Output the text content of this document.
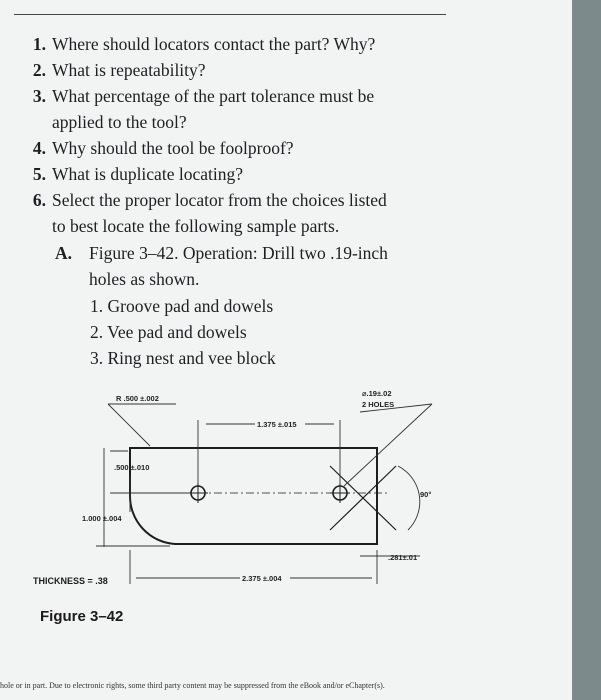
1. Where should locators contact the part? Why?
2. What is repeatability?
3. What percentage of the part tolerance must be
applied to the tool?
4. Why should the tool be foolproof?
5. What is duplicate locating?
6. Select the proper locator from the choices listed
to best locate the following sample parts.
A. Figure 3–42. Operation: Drill two .19-inch
holes as shown.
1. Groove pad and dowels
2. Vee pad and dowels
3. Ring nest and vee block
R .500 ±.002
⌀.19±.02
2 HOLES
1.375 ±.015
.500 ±.010
1.000 ±.004
90°
.281±.01
2.375 ±.004
THICKNESS = .38
Figure 3–42
hole or in part. Due to electronic rights, some third party content may be suppressed from the eBook and/or eChapter(s).
